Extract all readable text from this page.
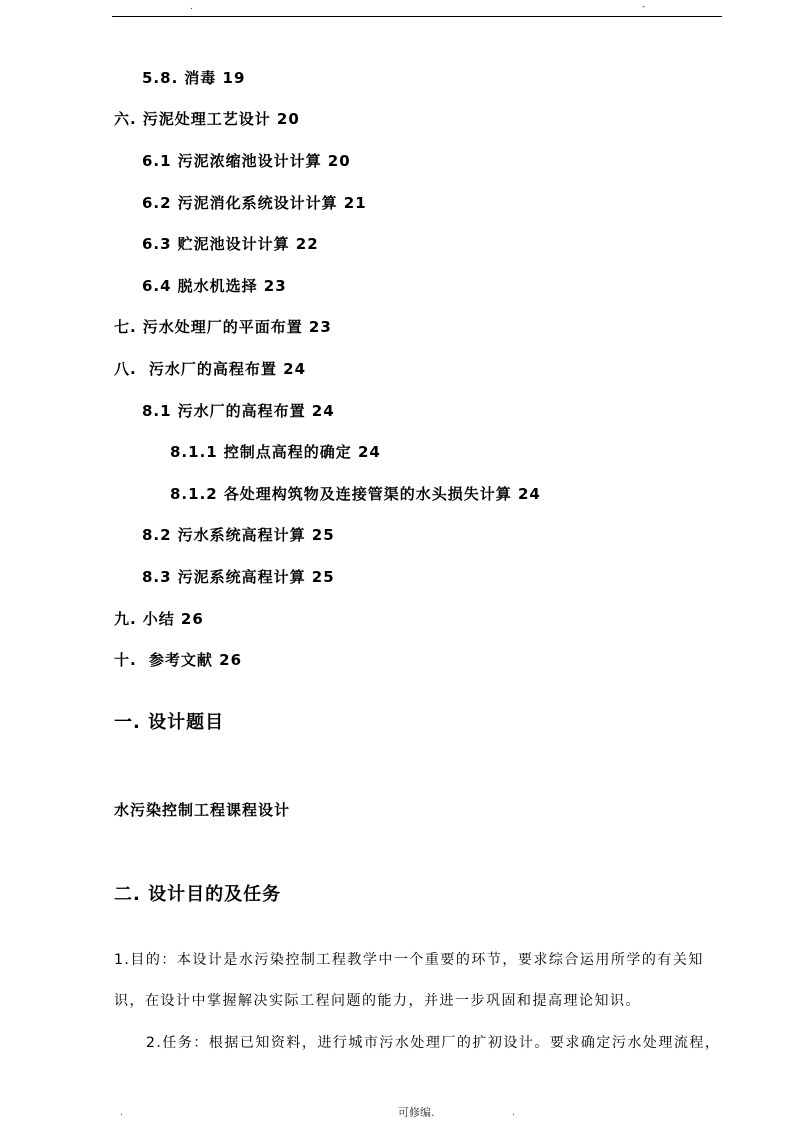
.	-
5.8. 消毒 19
六. 污泥处理工艺设计 20
6.1 污泥浓缩池设计计算 20
6.2 污泥消化系统设计计算 21
6.3 贮泥池设计计算 22
6.4 脱水机选择 23
七. 污水处理厂的平面布置 23
八. 污水厂的高程布置 24
8.1 污水厂的高程布置 24
8.1.1 控制点高程的确定 24
8.1.2 各处理构筑物及连接管渠的水头损失计算 24
8.2 污水系统高程计算 25
8.3 污泥系统高程计算 25
九. 小结 26
十. 参考文献 26
一. 设计题目
水污染控制工程课程设计
二. 设计目的及任务
1.目的：本设计是水污染控制工程教学中一个重要的环节，要求综合运用所学的有关知
识，在设计中掌握解决实际工程问题的能力，并进一步巩固和提高理论知识。
2.任务：根据已知资料，进行城市污水处理厂的扩初设计。要求确定污水处理流程，
.	可修编.	.
